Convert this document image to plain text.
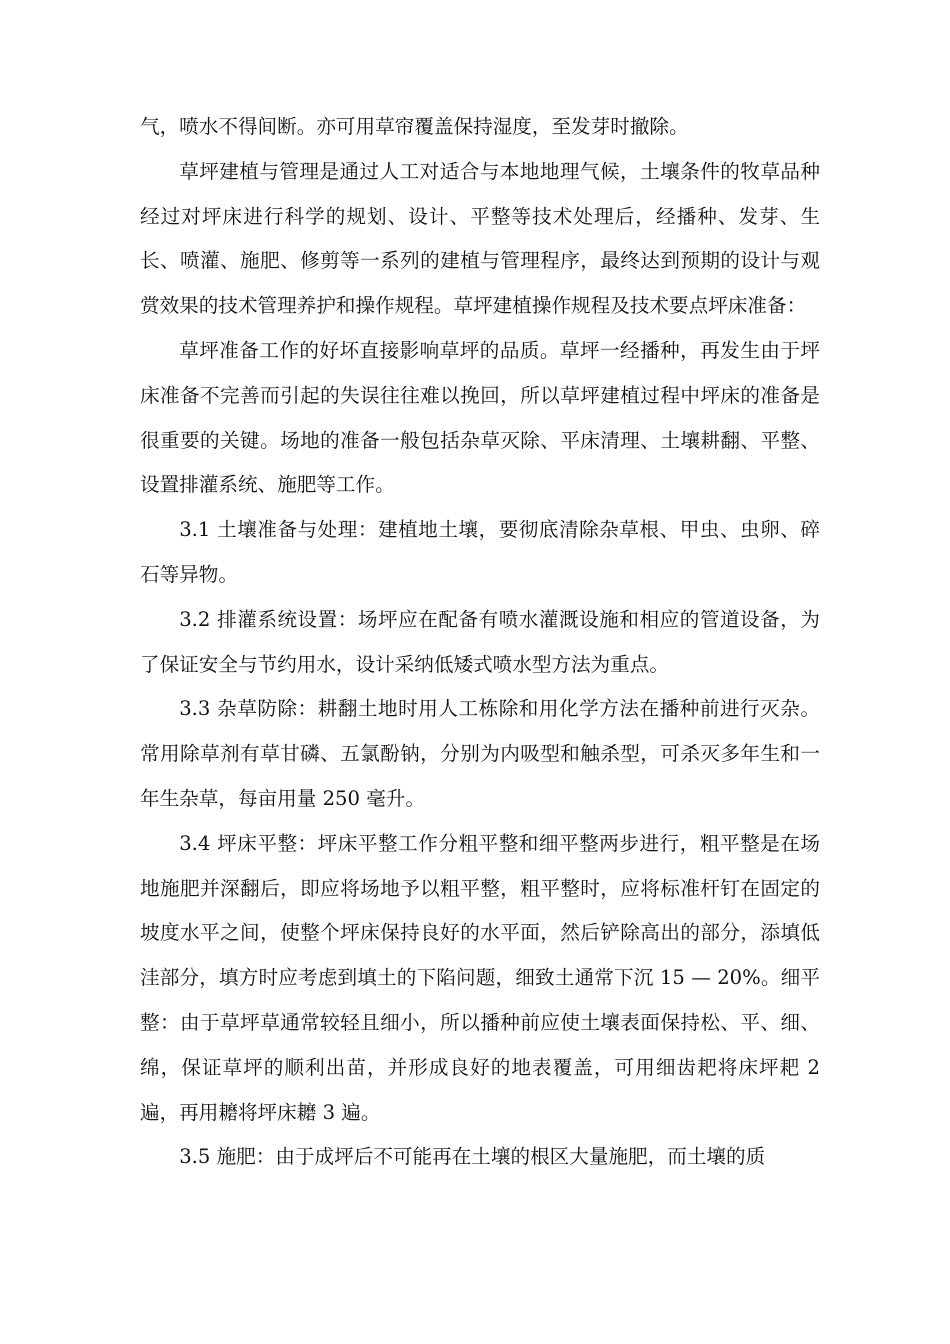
气，喷水不得间断。亦可用草帘覆盖保持湿度，至发芽时撤除。

草坪建植与管理是通过人工对适合与本地地理气候，土壤条件的牧草品种经过对坪床进行科学的规划、设计、平整等技术处理后，经播种、发芽、生长、喷灌、施肥、修剪等一系列的建植与管理程序，最终达到预期的设计与观赏效果的技术管理养护和操作规程。草坪建植操作规程及技术要点坪床准备：

草坪准备工作的好坏直接影响草坪的品质。草坪一经播种，再发生由于坪床准备不完善而引起的失误往往难以挽回，所以草坪建植过程中坪床的准备是很重要的关键。场地的准备一般包括杂草灭除、平床清理、土壤耕翻、平整、设置排灌系统、施肥等工作。

3.1 土壤准备与处理：建植地土壤，要彻底清除杂草根、甲虫、虫卵、碎石等异物。

3.2 排灌系统设置：场坪应在配备有喷水灌溉设施和相应的管道设备，为了保证安全与节约用水，设计采纳低矮式喷水型方法为重点。

3.3 杂草防除：耕翻土地时用人工栋除和用化学方法在播种前进行灭杂。常用除草剂有草甘磷、五氯酚钠，分别为内吸型和触杀型，可杀灭多年生和一年生杂草，每亩用量 250 毫升。

3.4 坪床平整：坪床平整工作分粗平整和细平整两步进行，粗平整是在场地施肥并深翻后，即应将场地予以粗平整，粗平整时，应将标准杆钉在固定的坡度水平之间，使整个坪床保持良好的水平面，然后铲除高出的部分，添填低洼部分，填方时应考虑到填土的下陷问题，细致土通常下沉 15 — 20%。细平整：由于草坪草通常较轻且细小，所以播种前应使土壤表面保持松、平、细、绵，保证草坪的顺利出苗，并形成良好的地表覆盖，可用细齿耙将床坪耙 2 遍，再用耱将坪床耱 3 遍。

3.5 施肥：由于成坪后不可能再在土壤的根区大量施肥，而土壤的质
